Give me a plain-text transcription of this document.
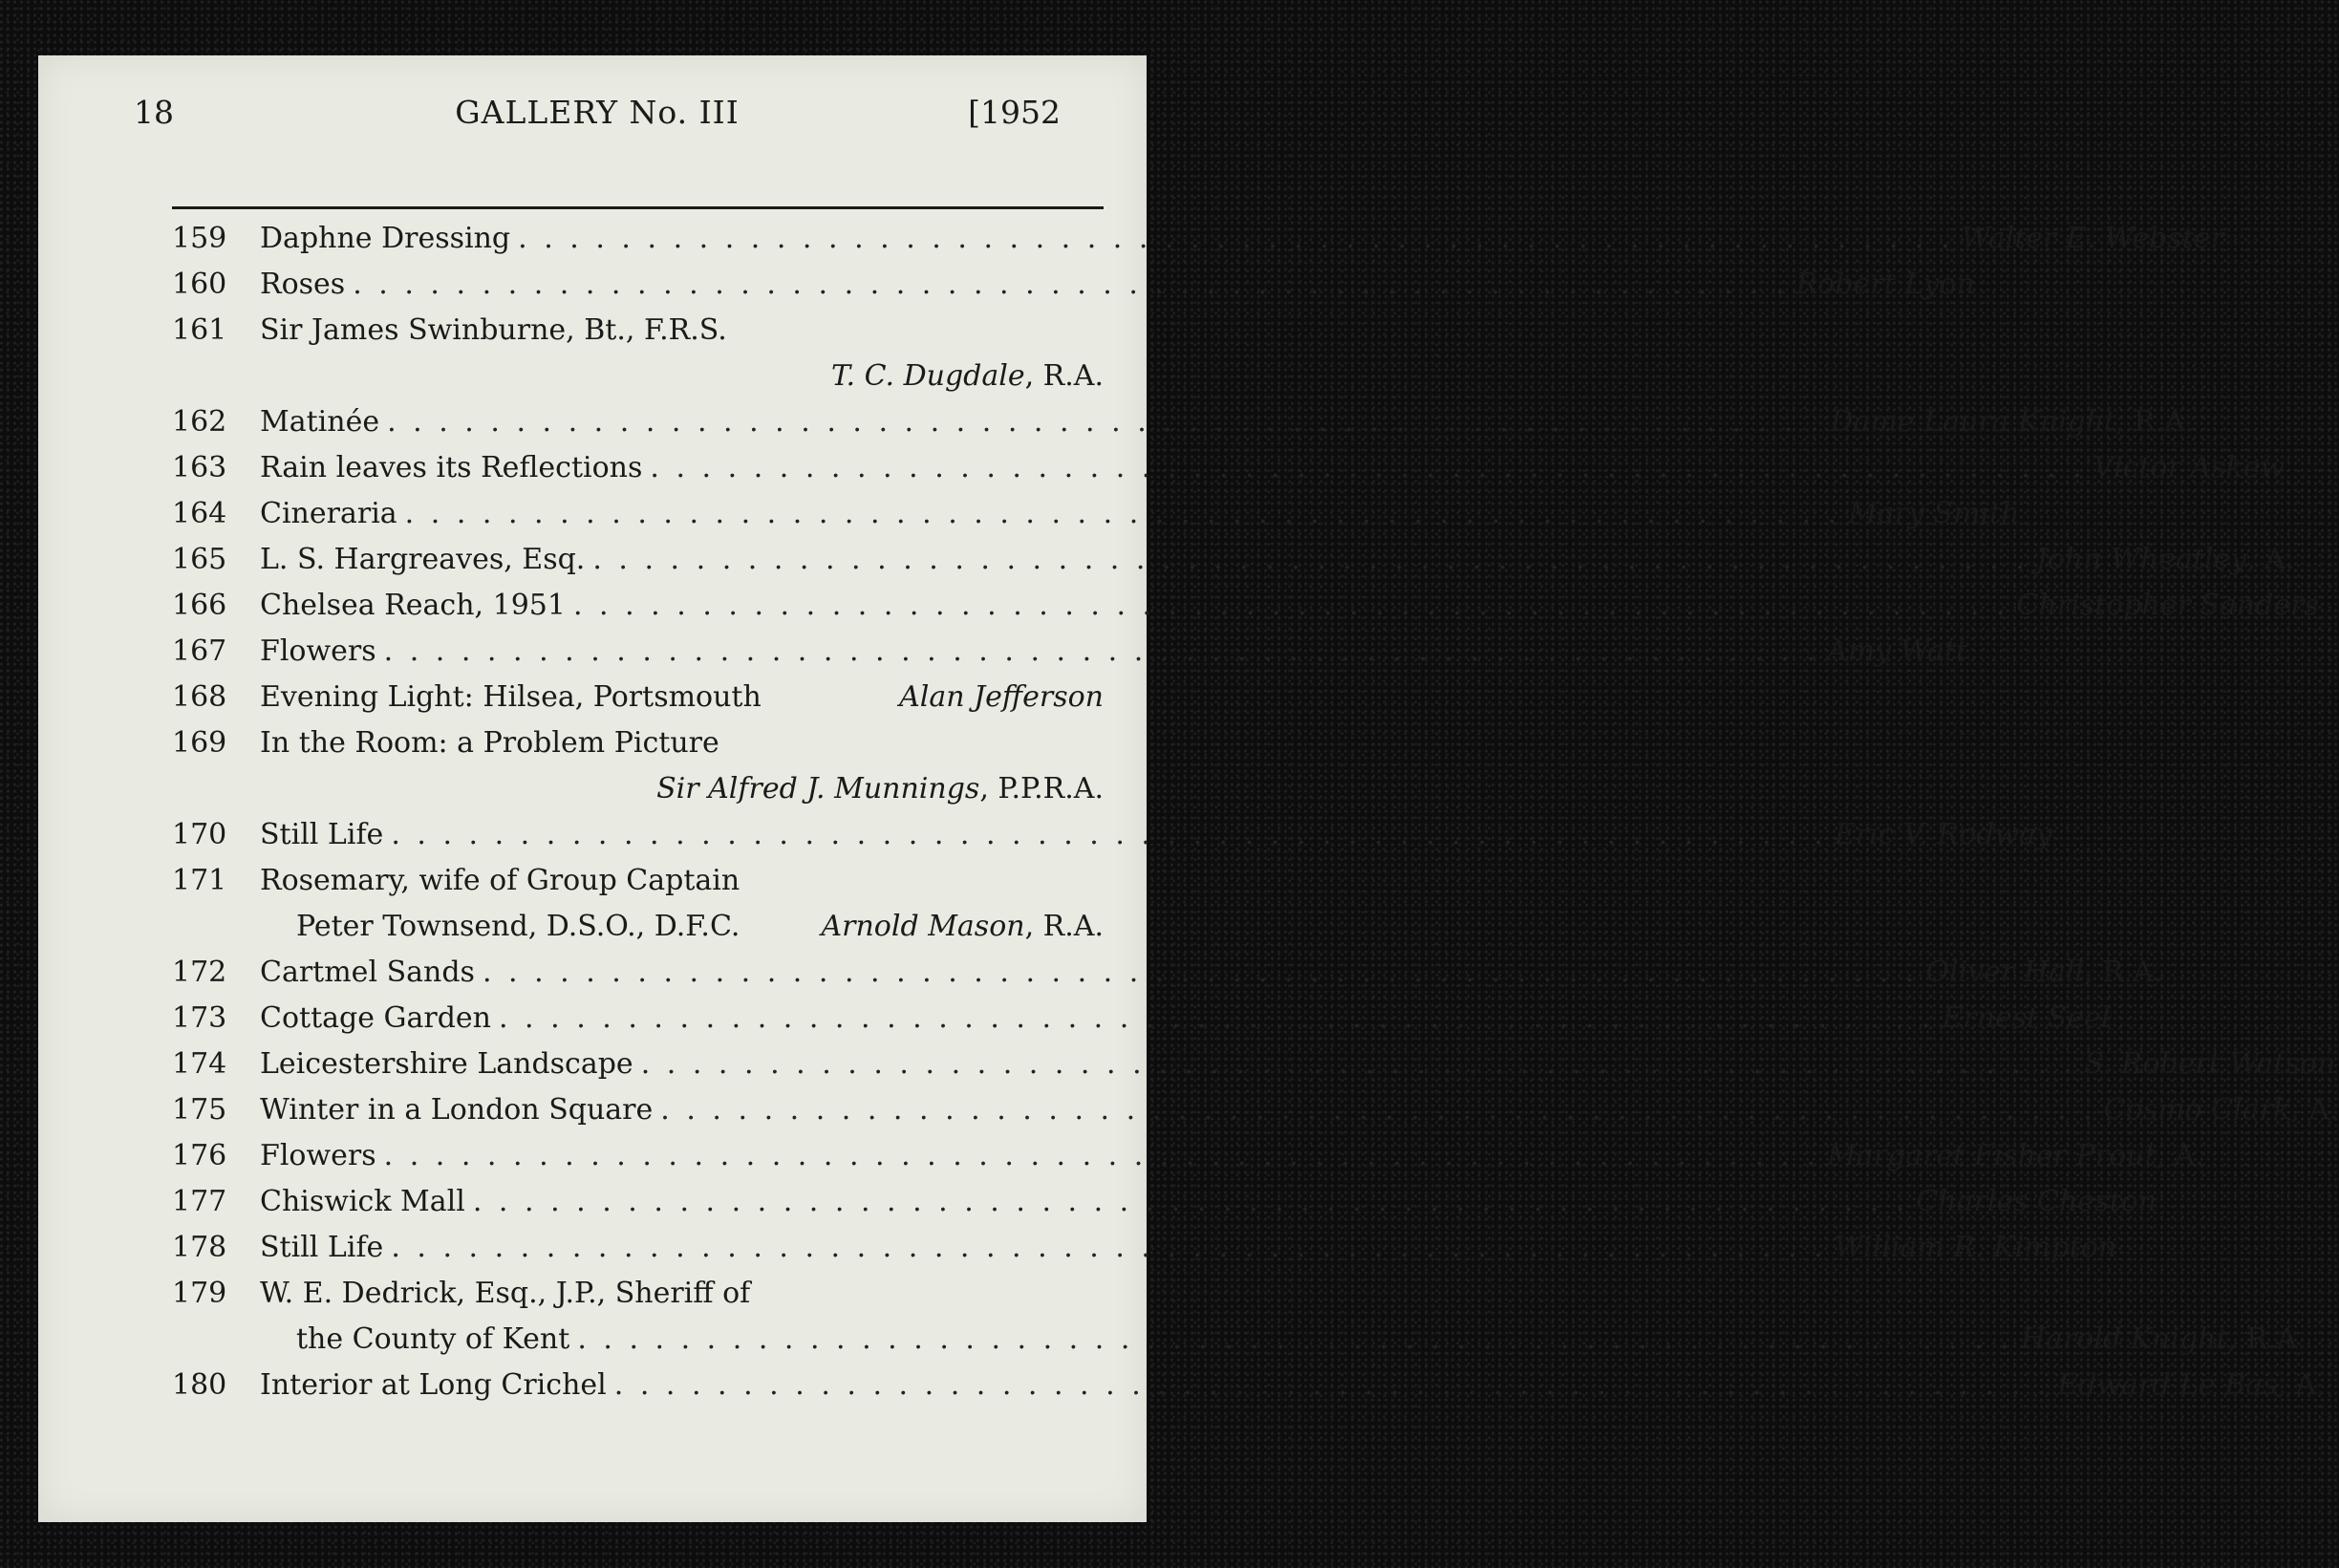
18	GALLERY No. III	[1952
159	Daphne Dressing . . .	Walter E. Webster
160	Roses . . .	Robert Lyon
161	Sir James Swinburne, Bt., F.R.S.
T. C. Dugdale, R.A.
162	Matinée . . .	Dame Laura Knight, R.A.
163	Rain leaves its Reflections . . .	Victor Askew
164	Cineraria . . .	Mary Smith
165	L. S. Hargreaves, Esq. . . .	John Wheatley, A.
166	Chelsea Reach, 1951 . . .	Christopher Sanders
167	Flowers . . .	Amy Watt
168	Evening Light: Hilsea, Portsmouth	Alan Jefferson
169	In the Room: a Problem Picture
Sir Alfred J. Munnings, P.P.R.A.
170	Still Life . . .	Eric V. Rodway
171	Rosemary, wife of Group Captain
Peter Townsend, D.S.O., D.F.C.	Arnold Mason, R.A.
172	Cartmel Sands . . .	Oliver Hall, R.A.
173	Cottage Garden . . .	Ernest Seel
174	Leicestershire Landscape . . .	S. Robert Watson
175	Winter in a London Square . . .	Cosmo Clark, A.
176	Flowers . . .	Margaret Fisher Prout, A.
177	Chiswick Mall . . .	Charles Cheston
178	Still Life . . .	William R. Kimpton
179	W. E. Dedrick, Esq., J.P., Sheriff of
the County of Kent . . .	Harold Knight, R.A.
180	Interior at Long Crichel . . .	Edward Le Bas, A.
